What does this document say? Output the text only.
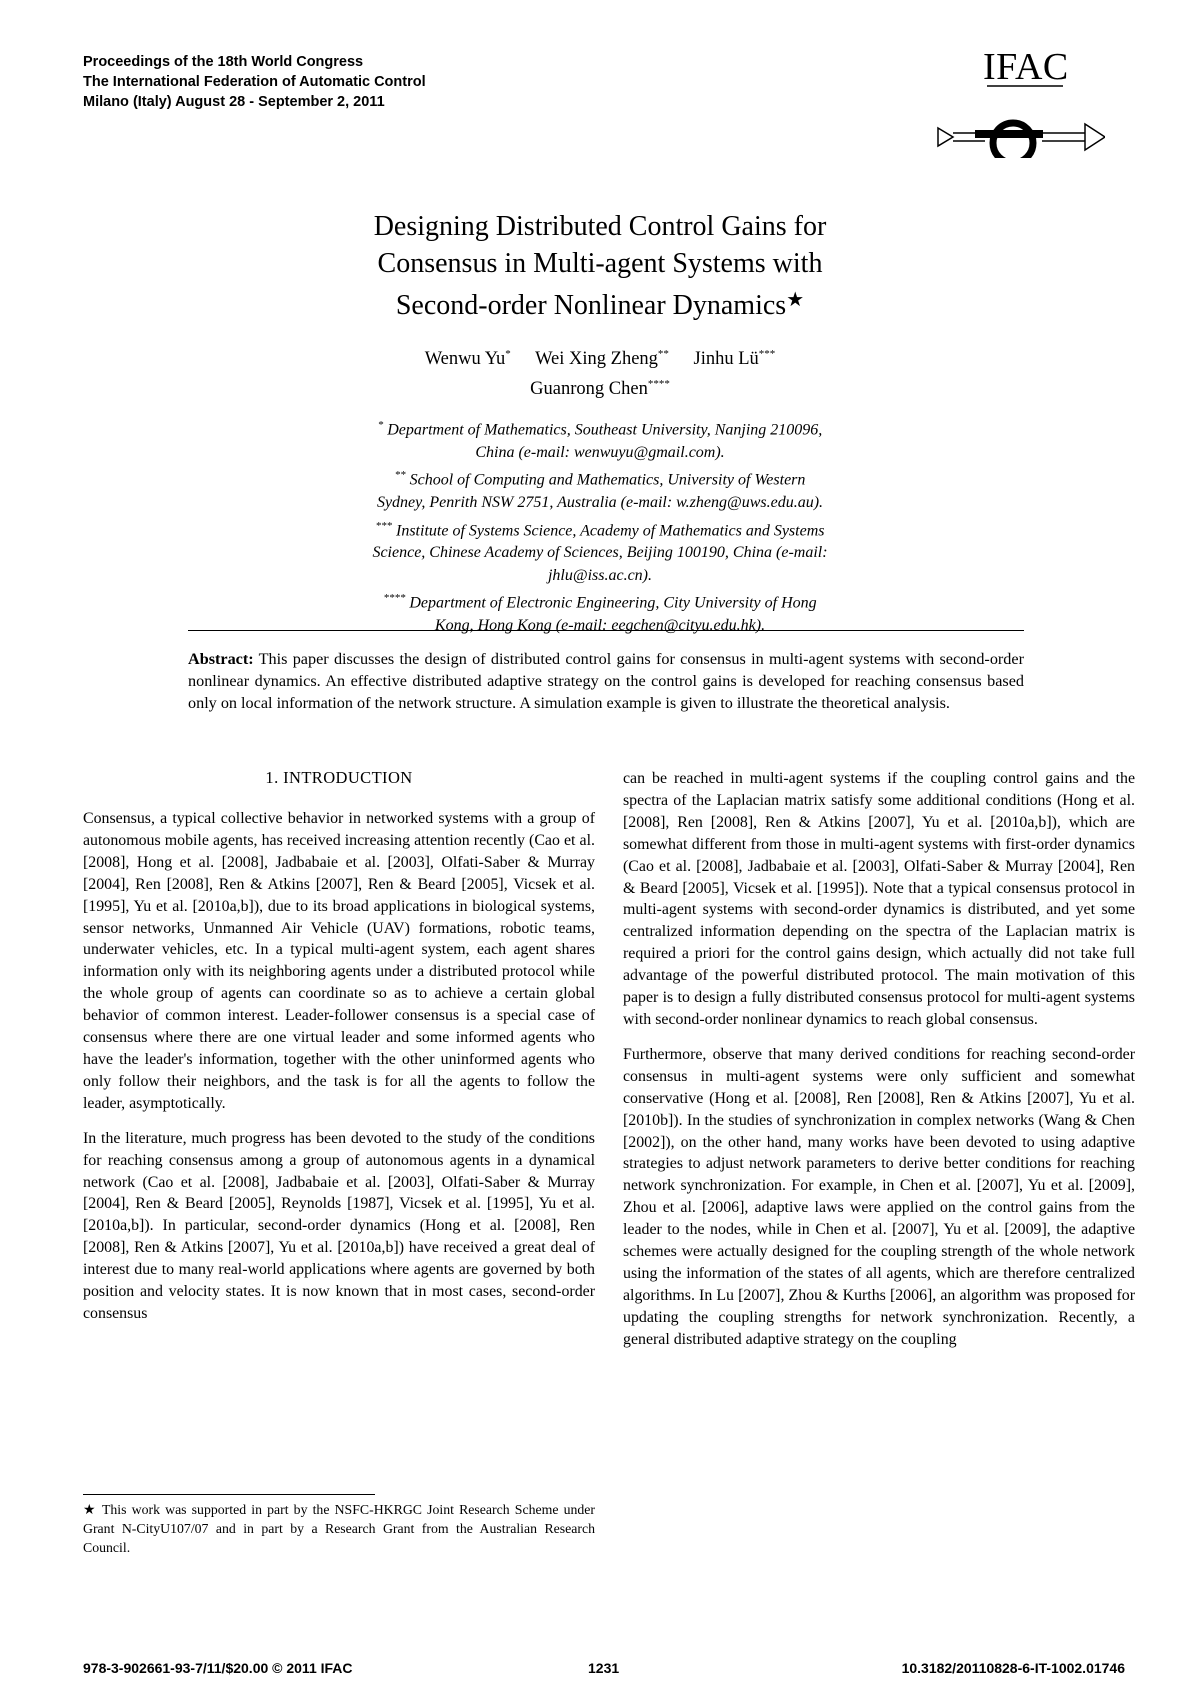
Proceedings of the 18th World Congress
The International Federation of Automatic Control
Milano (Italy) August 28 - September 2, 2011
IFAC
Designing Distributed Control Gains for
Consensus in Multi-agent Systems with
Second-order Nonlinear Dynamics★
Wenwu Yu* Wei Xing Zheng** Jinhu Lü***
Guanrong Chen****
* Department of Mathematics, Southeast University, Nanjing 210096,
China (e-mail: wenwuyu@gmail.com).
** School of Computing and Mathematics, University of Western
Sydney, Penrith NSW 2751, Australia (e-mail: w.zheng@uws.edu.au).
*** Institute of Systems Science, Academy of Mathematics and Systems
Science, Chinese Academy of Sciences, Beijing 100190, China (e-mail:
jhlu@iss.ac.cn).
**** Department of Electronic Engineering, City University of Hong
Kong, Hong Kong (e-mail: eegchen@cityu.edu.hk).
Abstract: This paper discusses the design of distributed control gains for consensus in multi-agent systems with second-order nonlinear dynamics. An effective distributed adaptive strategy on the control gains is developed for reaching consensus based only on local information of the network structure. A simulation example is given to illustrate the theoretical analysis.
1. INTRODUCTION

Consensus, a typical collective behavior in networked systems with a group of autonomous mobile agents, has received increasing attention recently (Cao et al. [2008], Hong et al. [2008], Jadbabaie et al. [2003], Olfati-Saber & Murray [2004], Ren [2008], Ren & Atkins [2007], Ren & Beard [2005], Vicsek et al. [1995], Yu et al. [2010a,b]), due to its broad applications in biological systems, sensor networks, Unmanned Air Vehicle (UAV) formations, robotic teams, underwater vehicles, etc. In a typical multi-agent system, each agent shares information only with its neighboring agents under a distributed protocol while the whole group of agents can coordinate so as to achieve a certain global behavior of common interest. Leader-follower consensus is a special case of consensus where there are one virtual leader and some informed agents who have the leader's information, together with the other uninformed agents who only follow their neighbors, and the task is for all the agents to follow the leader, asymptotically.

In the literature, much progress has been devoted to the study of the conditions for reaching consensus among a group of autonomous agents in a dynamical network (Cao et al. [2008], Jadbabaie et al. [2003], Olfati-Saber & Murray [2004], Ren & Beard [2005], Reynolds [1987], Vicsek et al. [1995], Yu et al. [2010a,b]). In particular, second-order dynamics (Hong et al. [2008], Ren [2008], Ren & Atkins [2007], Yu et al. [2010a,b]) have received a great deal of interest due to many real-world applications where agents are governed by both position and velocity states. It is now known that in most cases, second-order consensus

can be reached in multi-agent systems if the coupling control gains and the spectra of the Laplacian matrix satisfy some additional conditions (Hong et al. [2008], Ren [2008], Ren & Atkins [2007], Yu et al. [2010a,b]), which are somewhat different from those in multi-agent systems with first-order dynamics (Cao et al. [2008], Jadbabaie et al. [2003], Olfati-Saber & Murray [2004], Ren & Beard [2005], Vicsek et al. [1995]). Note that a typical consensus protocol in multi-agent systems with second-order dynamics is distributed, and yet some centralized information depending on the spectra of the Laplacian matrix is required a priori for the control gains design, which actually did not take full advantage of the powerful distributed protocol. The main motivation of this paper is to design a fully distributed consensus protocol for multi-agent systems with second-order nonlinear dynamics to reach global consensus.

Furthermore, observe that many derived conditions for reaching second-order consensus in multi-agent systems were only sufficient and somewhat conservative (Hong et al. [2008], Ren [2008], Ren & Atkins [2007], Yu et al. [2010b]). In the studies of synchronization in complex networks (Wang & Chen [2002]), on the other hand, many works have been devoted to using adaptive strategies to adjust network parameters to derive better conditions for reaching network synchronization. For example, in Chen et al. [2007], Yu et al. [2009], Zhou et al. [2006], adaptive laws were applied on the control gains from the leader to the nodes, while in Chen et al. [2007], Yu et al. [2009], the adaptive schemes were actually designed for the coupling strength of the whole network using the information of the states of all agents, which are therefore centralized algorithms. In Lu [2007], Zhou & Kurths [2006], an algorithm was proposed for updating the coupling strengths for network synchronization. Recently, a general distributed adaptive strategy on the coupling

★ This work was supported in part by the NSFC-HKRGC Joint Research Scheme under Grant N-CityU107/07 and in part by a Research Grant from the Australian Research Council.
978-3-902661-93-7/11/$20.00 © 2011 IFAC	1231	10.3182/20110828-6-IT-1002.01746
